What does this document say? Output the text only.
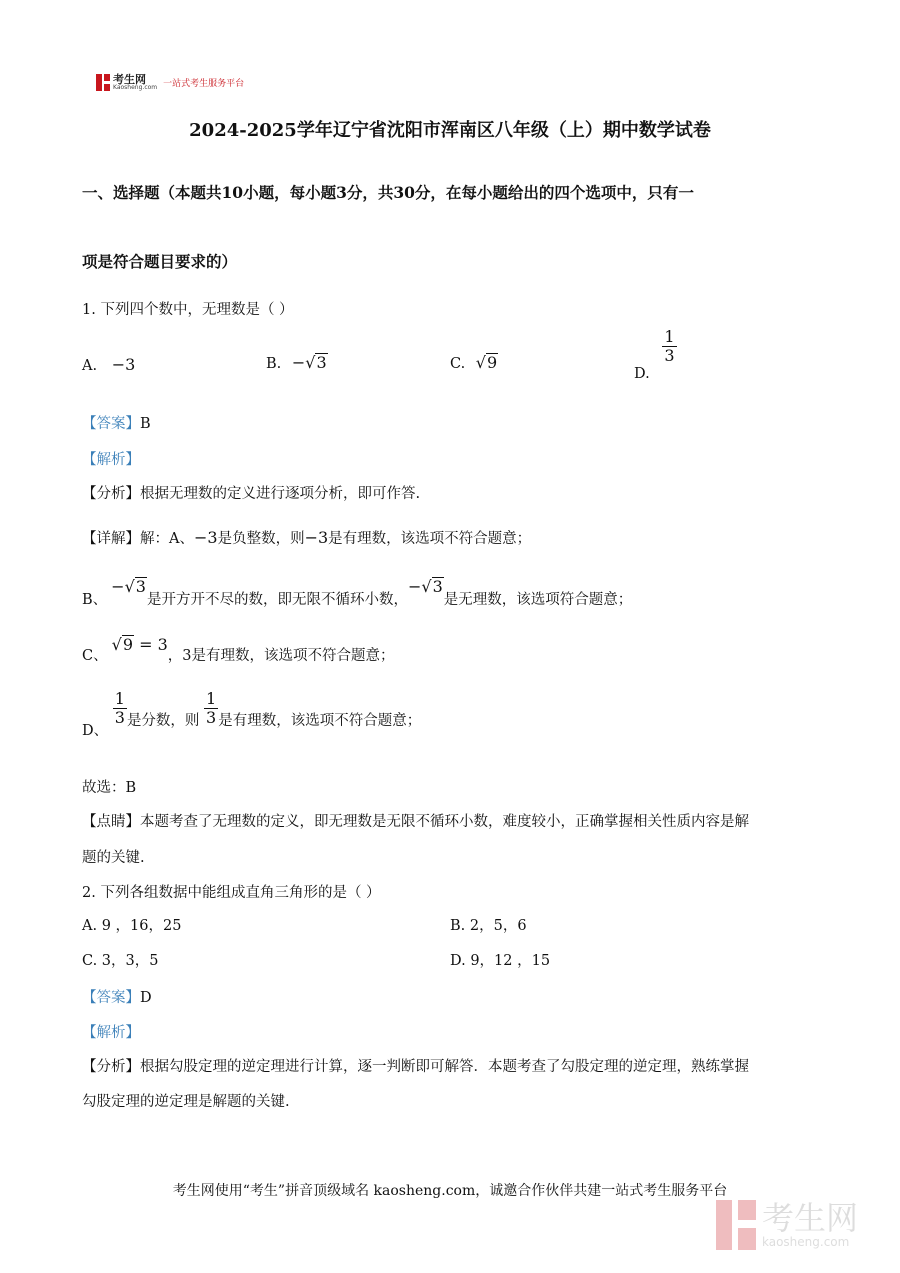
考生网
Kaosheng.com 一站式考生服务平台
2024-2025学年辽宁省沈阳市浑南区八年级（上）期中数学试卷
一、选择题（本题共10小题，每小题3分，共30分，在每小题给出的四个选项中，只有一
项是符合题目要求的）
1. 下列四个数中，无理数是（ ）
A. −3	B. −√3	C. √9
D.
$\frac{1}{3}$
【答案】B
【解析】
【分析】根据无理数的定义进行逐项分析，即可作答.
【详解】解：A、−3是负整数，则−3是有理数，该选项不符合题意；
B、−√3是开方开不尽的数，即无限不循环小数，−√3是无理数，该选项符合题意；
C、√9 = 3，3是有理数，该选项不符合题意；
D、
$\frac{1}{3}$ 是分数，则 $\frac{1}{3}$ 是有理数，该选项不符合题意；
故选：B
【点睛】本题考查了无理数的定义，即无理数是无限不循环小数，难度较小，正确掌握相关性质内容是解
题的关键.
2. 下列各组数据中能组成直角三角形的是（ ）
A. 9 ，16，25	B. 2，5，6
C. 3，3，5	D. 9，12 ，15
【答案】D
【解析】
【分析】根据勾股定理的逆定理进行计算，逐一判断即可解答．本题考查了勾股定理的逆定理，熟练掌握
勾股定理的逆定理是解题的关键.
考生网使用“考生”拼音顶级域名 kaosheng.com，诚邀合作伙伴共建一站式考生服务平台
考生网
kaosheng.com
